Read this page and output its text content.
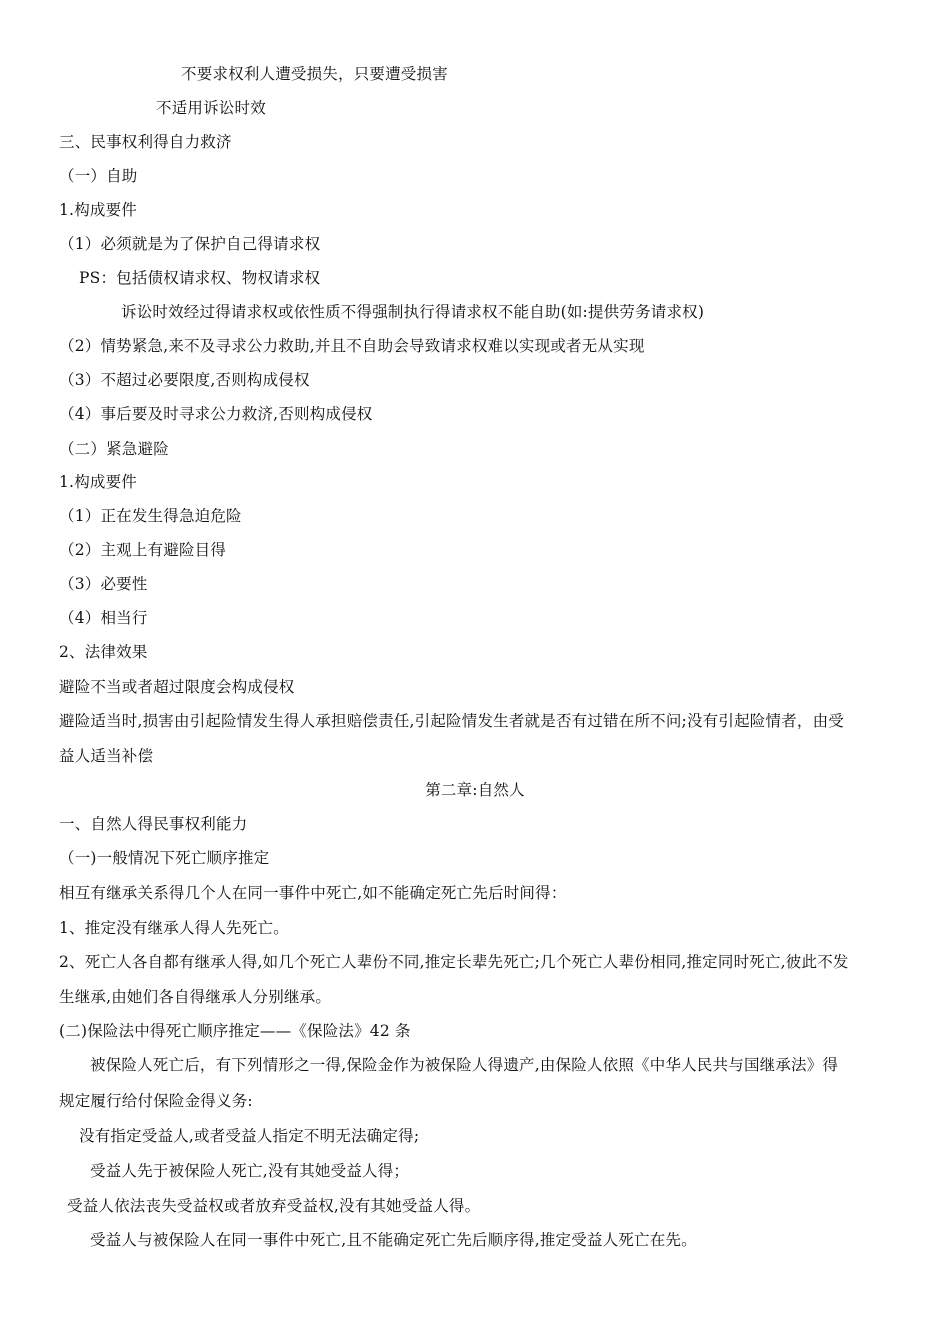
不要求权利人遭受损失，只要遭受损害
不适用诉讼时效
三、民事权利得自力救济
（一）自助
1.构成要件
（1）必须就是为了保护自己得请求权
PS：包括债权请求权、物权请求权
诉讼时效经过得请求权或依性质不得强制执行得请求权不能自助(如:提供劳务请求权)
（2）情势紧急,来不及寻求公力救助,并且不自助会导致请求权难以实现或者无从实现
（3）不超过必要限度,否则构成侵权
（4）事后要及时寻求公力救济,否则构成侵权
（二）紧急避险
1.构成要件
（1）正在发生得急迫危险
（2）主观上有避险目得
（3）必要性
（4）相当行
2、法律效果
避险不当或者超过限度会构成侵权
避险适当时,损害由引起险情发生得人承担赔偿责任,引起险情发生者就是否有过错在所不问;没有引起险情者，由受
益人适当补偿
第二章:自然人
一、自然人得民事权利能力
（一)一般情况下死亡顺序推定
相互有继承关系得几个人在同一事件中死亡,如不能确定死亡先后时间得：
1、推定没有继承人得人先死亡。
2、死亡人各自都有继承人得,如几个死亡人辈份不同,推定长辈先死亡;几个死亡人辈份相同,推定同时死亡,彼此不发
生继承,由她们各自得继承人分别继承。
(二)保险法中得死亡顺序推定——《保险法》42 条
被保险人死亡后，有下列情形之一得,保险金作为被保险人得遗产,由保险人依照《中华人民共与国继承法》得
规定履行给付保险金得义务:
没有指定受益人,或者受益人指定不明无法确定得;
受益人先于被保险人死亡,没有其她受益人得；
受益人依法丧失受益权或者放弃受益权,没有其她受益人得。
受益人与被保险人在同一事件中死亡,且不能确定死亡先后顺序得,推定受益人死亡在先。
